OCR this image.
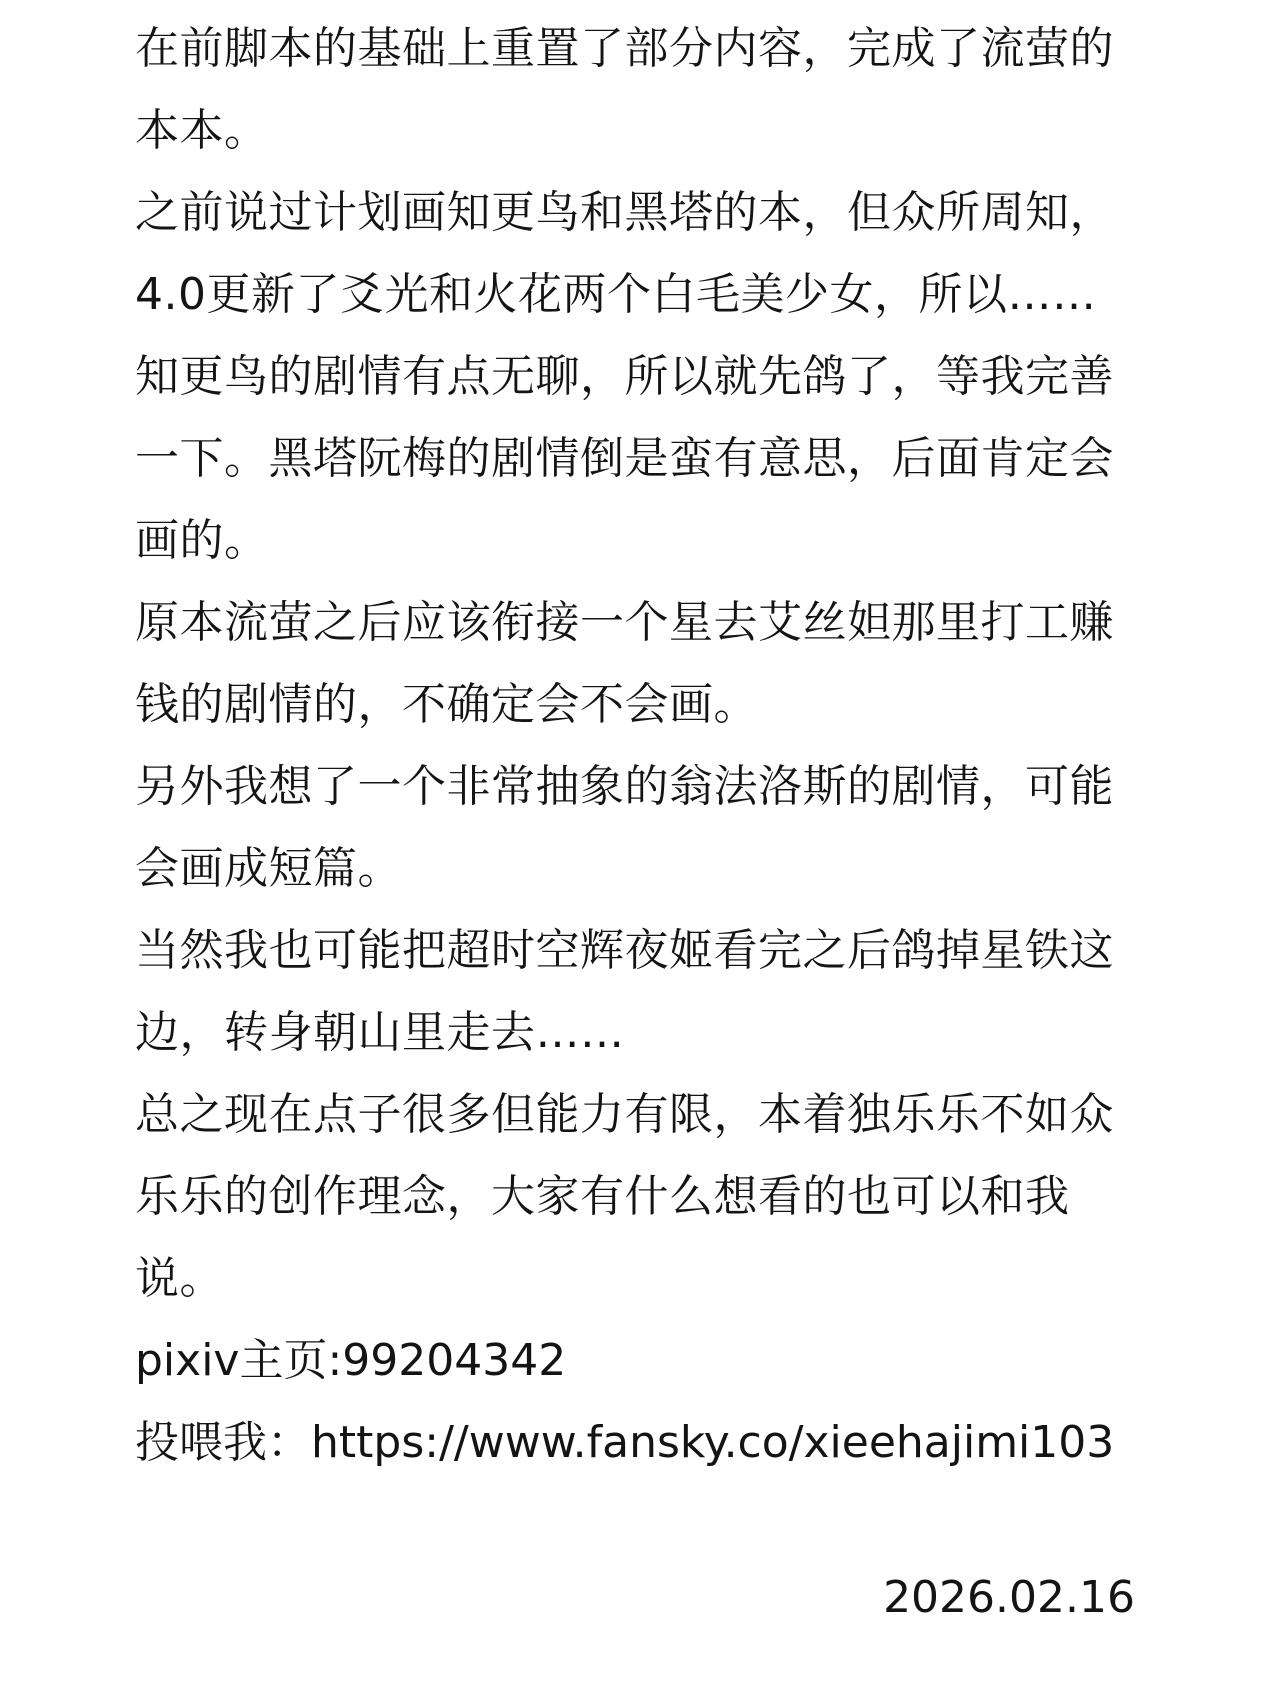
在前脚本的基础上重置了部分内容，完成了流萤的本本。

之前说过计划画知更鸟和黑塔的本，但众所周知，4.0更新了爻光和火花两个白毛美少女，所以……

知更鸟的剧情有点无聊，所以就先鸽了，等我完善一下。黑塔阮梅的剧情倒是蛮有意思，后面肯定会画的。

原本流萤之后应该衔接一个星去艾丝妲那里打工赚钱的剧情的，不确定会不会画。

另外我想了一个非常抽象的翁法洛斯的剧情，可能会画成短篇。

当然我也可能把超时空辉夜姬看完之后鸽掉星铁这边，转身朝山里走去……

总之现在点子很多但能力有限，本着独乐乐不如众乐乐的创作理念，大家有什么想看的也可以和我说。

pixiv主页:99204342

投喂我：https://www.fansky.co/xieehajimi103

2026.02.16
